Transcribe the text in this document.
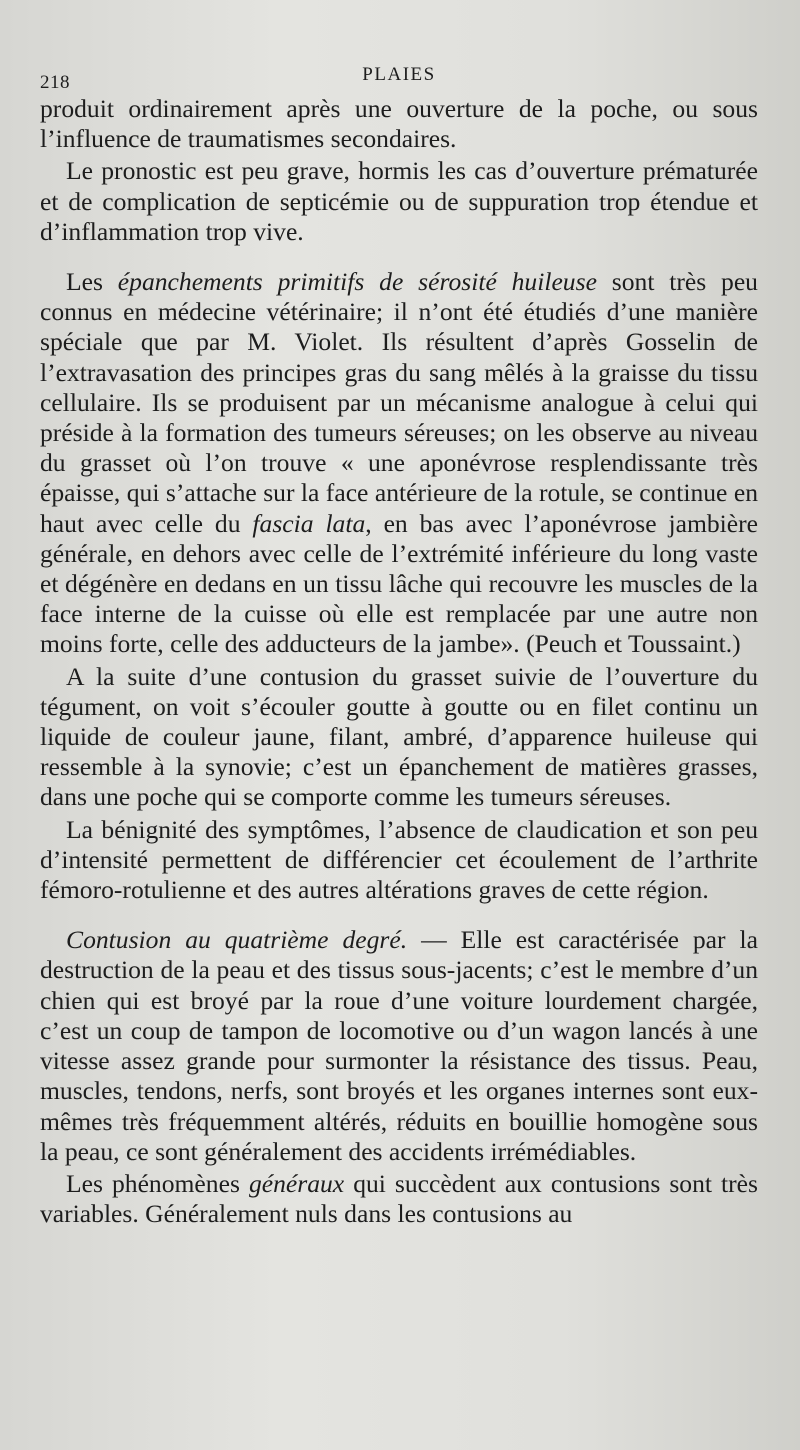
218	PLAIES

produit ordinairement après une ouverture de la poche, ou sous l’influence de traumatismes secondaires.

Le pronostic est peu grave, hormis les cas d’ouverture prématurée et de complication de septicémie ou de suppuration trop étendue et d’inflammation trop vive.

Les épanchements primitifs de sérosité huileuse sont très peu connus en médecine vétérinaire; il n’ont été étudiés d’une manière spéciale que par M. Violet. Ils résultent d’après Gosselin de l’extravasation des principes gras du sang mêlés à la graisse du tissu cellulaire. Ils se produisent par un mécanisme analogue à celui qui préside à la formation des tumeurs séreuses; on les observe au niveau du grasset où l’on trouve « une aponévrose resplendissante très épaisse, qui s’attache sur la face antérieure de la rotule, se continue en haut avec celle du fascia lata, en bas avec l’aponévrose jambière générale, en dehors avec celle de l’extrémité inférieure du long vaste et dégénère en dedans en un tissu lâche qui recouvre les muscles de la face interne de la cuisse où elle est remplacée par une autre non moins forte, celle des adducteurs de la jambe». (Peuch et Toussaint.)

A la suite d’une contusion du grasset suivie de l’ouverture du tégument, on voit s’écouler goutte à goutte ou en filet continu un liquide de couleur jaune, filant, ambré, d’apparence huileuse qui ressemble à la synovie; c’est un épanchement de matières grasses, dans une poche qui se comporte comme les tumeurs séreuses.

La bénignité des symptômes, l’absence de claudication et son peu d’intensité permettent de différencier cet écoulement de l’arthrite fémoro-rotulienne et des autres altérations graves de cette région.

Contusion au quatrième degré. — Elle est caractérisée par la destruction de la peau et des tissus sous-jacents; c’est le membre d’un chien qui est broyé par la roue d’une voiture lourdement chargée, c’est un coup de tampon de locomotive ou d’un wagon lancés à une vitesse assez grande pour surmonter la résistance des tissus. Peau, muscles, tendons, nerfs, sont broyés et les organes internes sont eux-mêmes très fréquemment altérés, réduits en bouillie homogène sous la peau, ce sont généralement des accidents irrémédiables.

Les phénomènes généraux qui succèdent aux contusions sont très variables. Généralement nuls dans les contusions au
